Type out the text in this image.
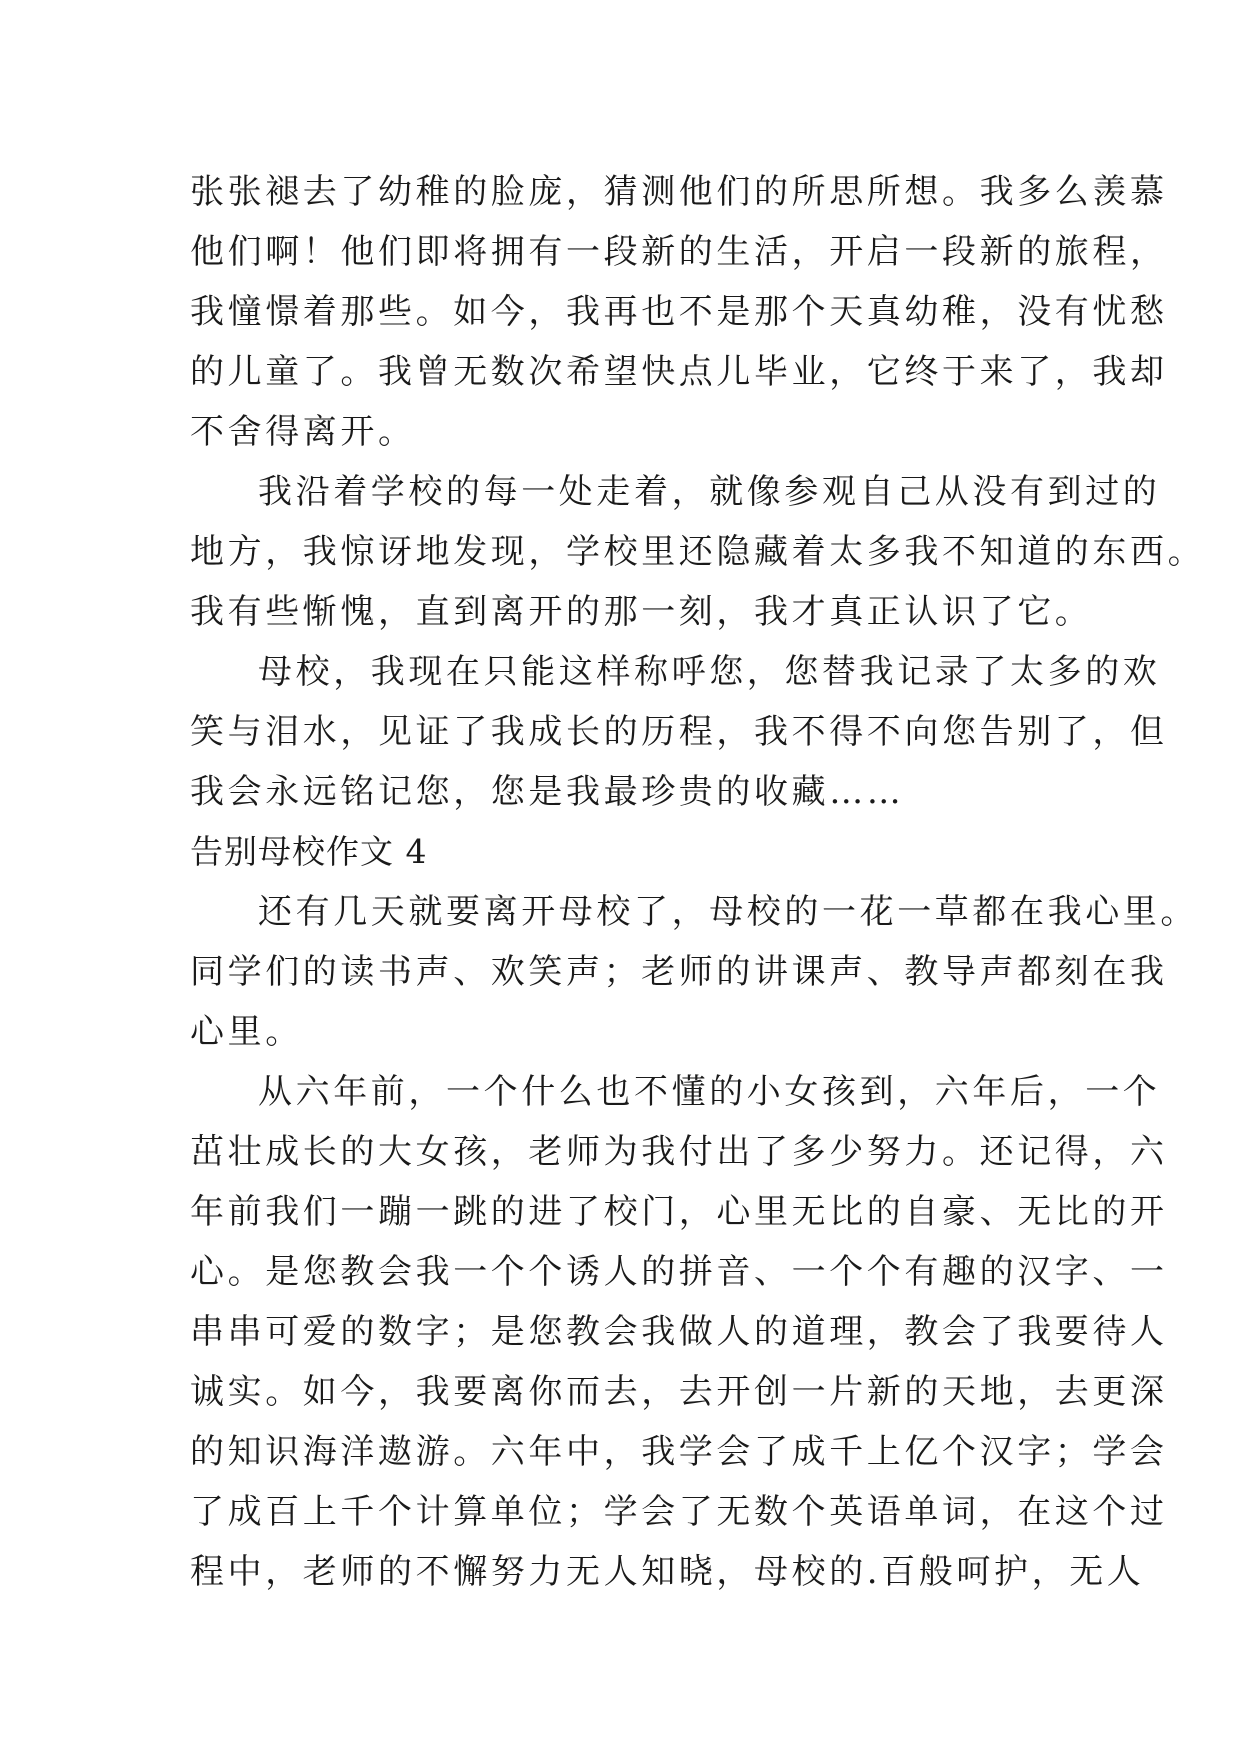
张张褪去了幼稚的脸庞，猜测他们的所思所想。我多么羡慕
他们啊！他们即将拥有一段新的生活，开启一段新的旅程，
我憧憬着那些。如今，我再也不是那个天真幼稚，没有忧愁
的儿童了。我曾无数次希望快点儿毕业，它终于来了，我却
不舍得离开。
我沿着学校的每一处走着，就像参观自己从没有到过的
地方，我惊讶地发现，学校里还隐藏着太多我不知道的东西。
我有些惭愧，直到离开的那一刻，我才真正认识了它。
母校，我现在只能这样称呼您，您替我记录了太多的欢
笑与泪水，见证了我成长的历程，我不得不向您告别了，但
我会永远铭记您，您是我最珍贵的收藏……
告别母校作文 4
还有几天就要离开母校了，母校的一花一草都在我心里。
同学们的读书声、欢笑声；老师的讲课声、教导声都刻在我
心里。
从六年前，一个什么也不懂的小女孩到，六年后，一个
茁壮成长的大女孩，老师为我付出了多少努力。还记得，六
年前我们一蹦一跳的进了校门，心里无比的自豪、无比的开
心。是您教会我一个个诱人的拼音、一个个有趣的汉字、一
串串可爱的数字；是您教会我做人的道理，教会了我要待人
诚实。如今，我要离你而去，去开创一片新的天地，去更深
的知识海洋遨游。六年中，我学会了成千上亿个汉字；学会
了成百上千个计算单位；学会了无数个英语单词，在这个过
程中，老师的不懈努力无人知晓，母校的.百般呵护，无人
